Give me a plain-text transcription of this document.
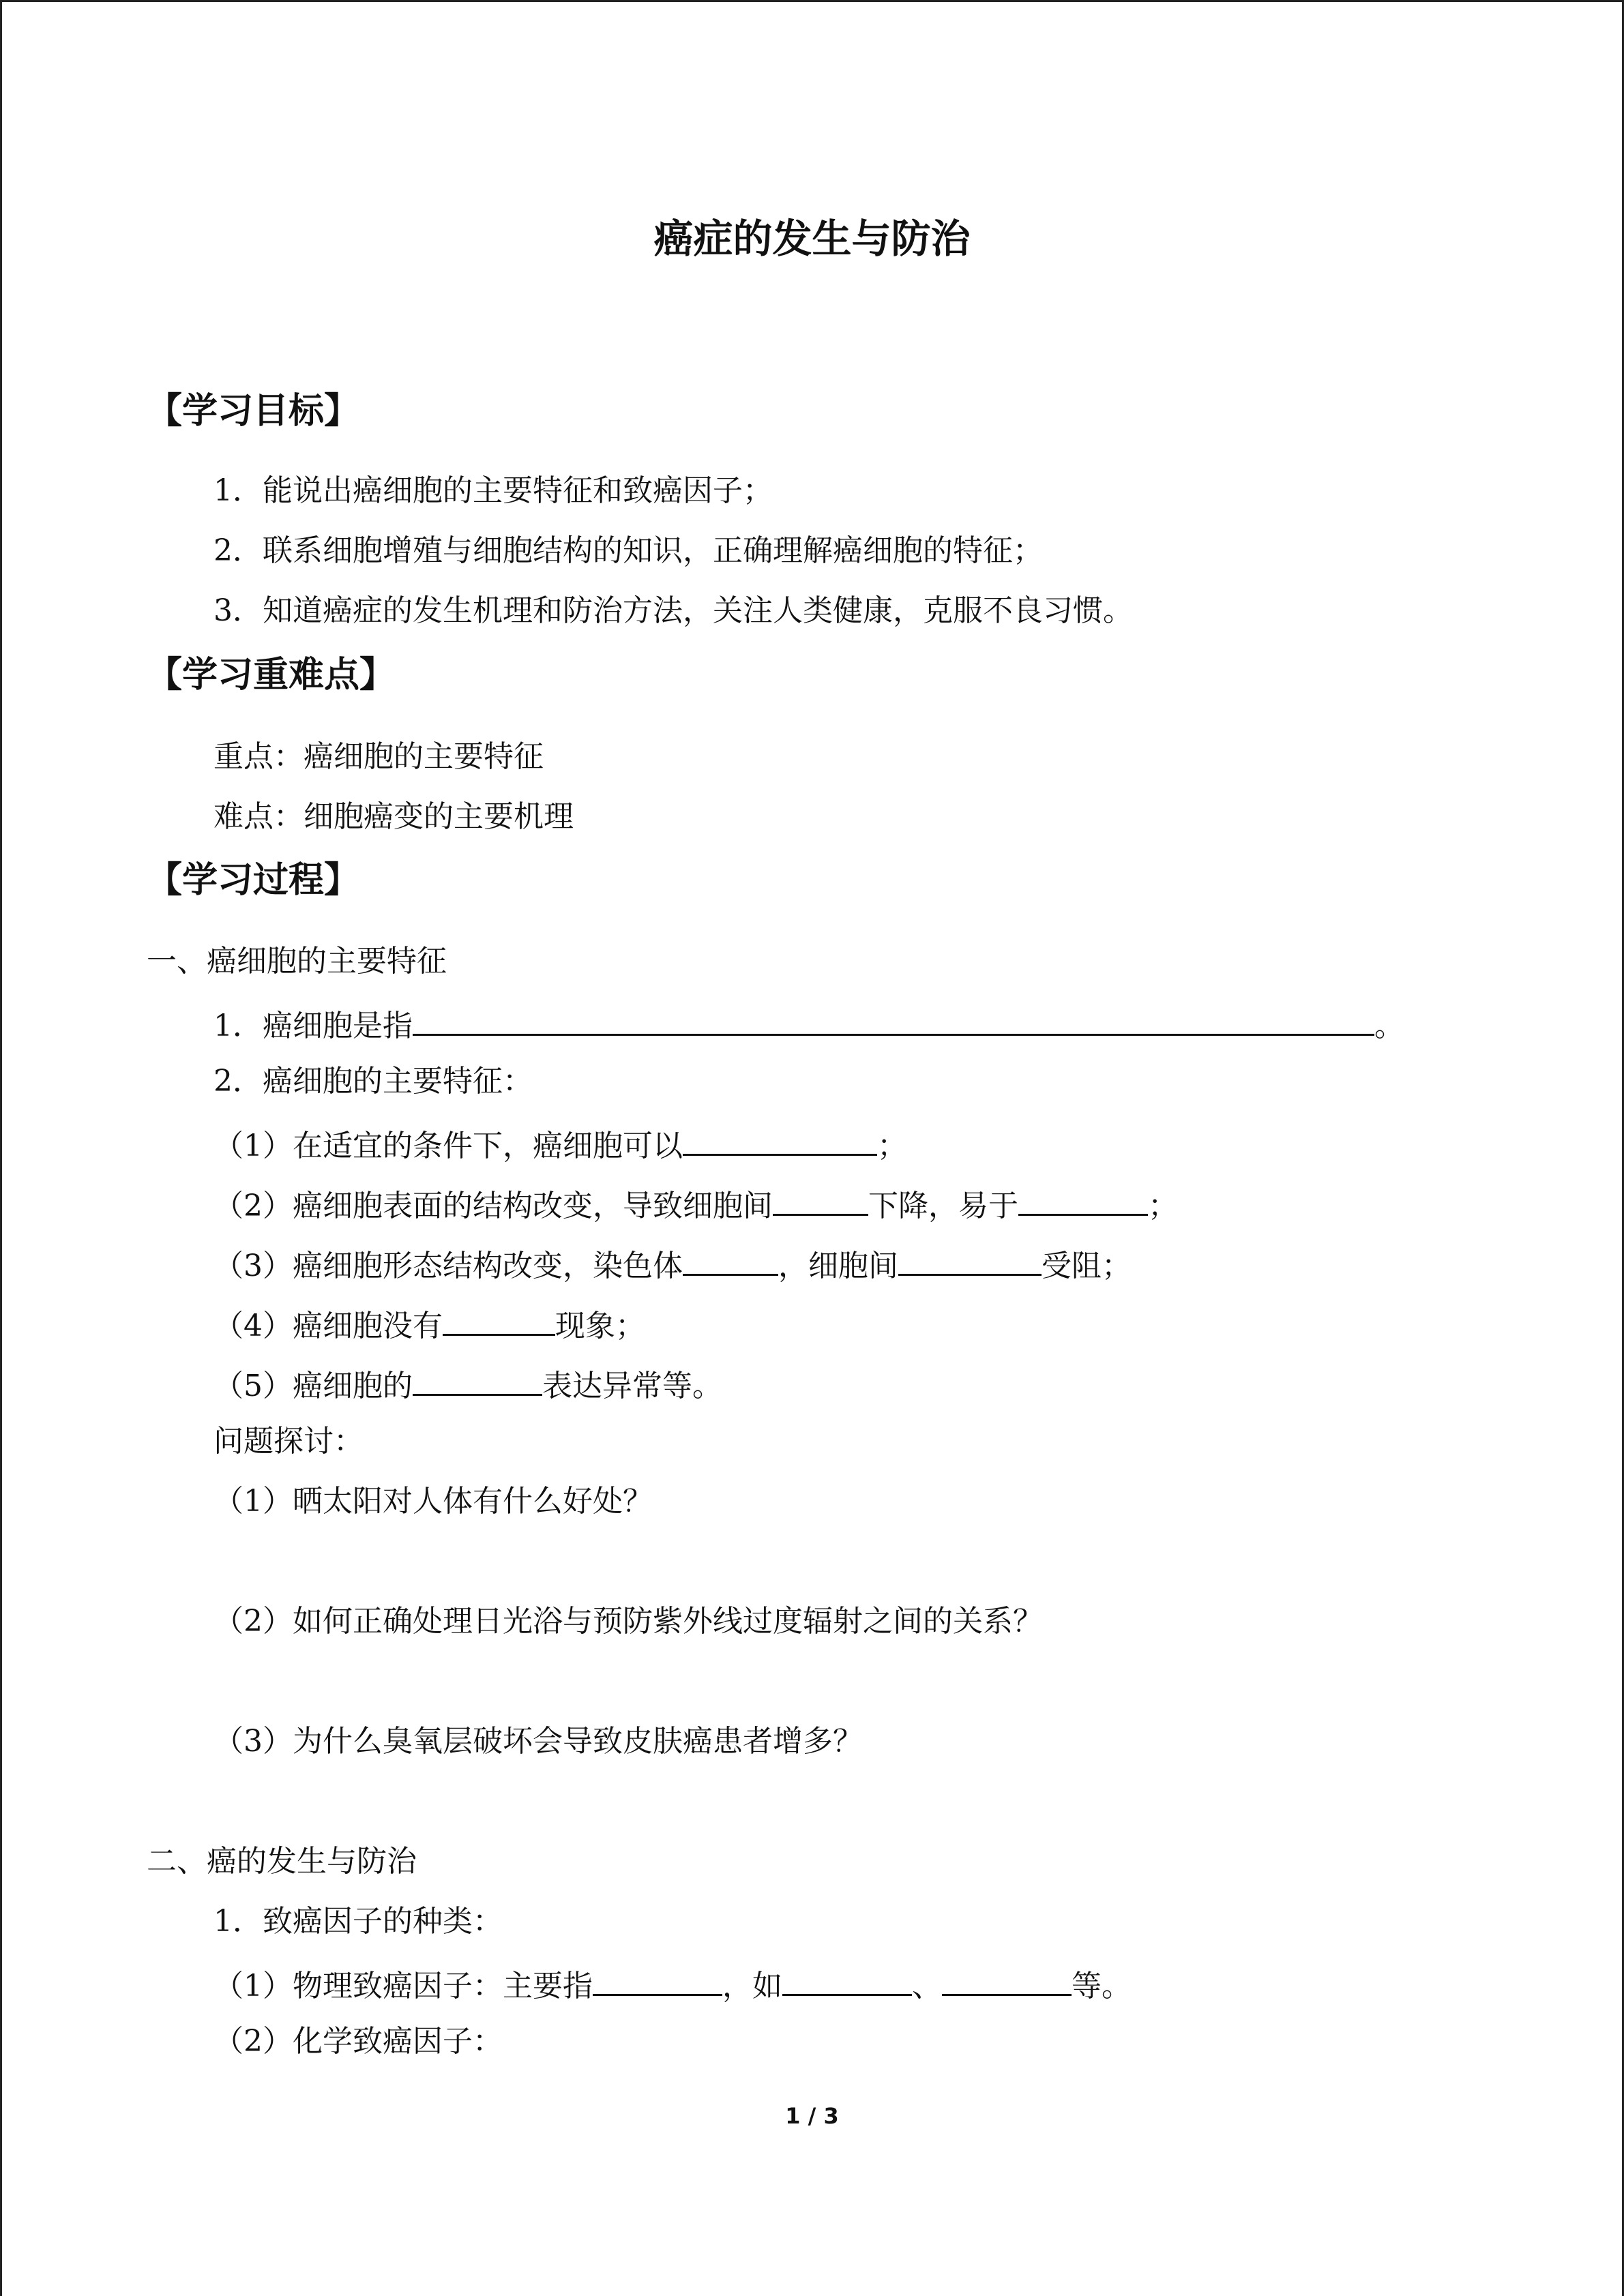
癌症的发生与防治
【学习目标】
1．能说出癌细胞的主要特征和致癌因子；
2．联系细胞增殖与细胞结构的知识，正确理解癌细胞的特征；
3．知道癌症的发生机理和防治方法，关注人类健康，克服不良习惯。
【学习重难点】
重点：癌细胞的主要特征
难点：细胞癌变的主要机理
【学习过程】
一、癌细胞的主要特征
1．癌细胞是指	。
2．癌细胞的主要特征：
（1）在适宜的条件下，癌细胞可以	；
（2）癌细胞表面的结构改变，导致细胞间	下降，易于	；
（3）癌细胞形态结构改变，染色体	，细胞间	受阻；
（4）癌细胞没有	现象；
（5）癌细胞的	表达异常等。
问题探讨：
（1）晒太阳对人体有什么好处？
（2）如何正确处理日光浴与预防紫外线过度辐射之间的关系？
（3）为什么臭氧层破坏会导致皮肤癌患者增多？
二、癌的发生与防治
1．致癌因子的种类：
（1）物理致癌因子：主要指	，如	、	等。
（2）化学致癌因子：
1 / 3
